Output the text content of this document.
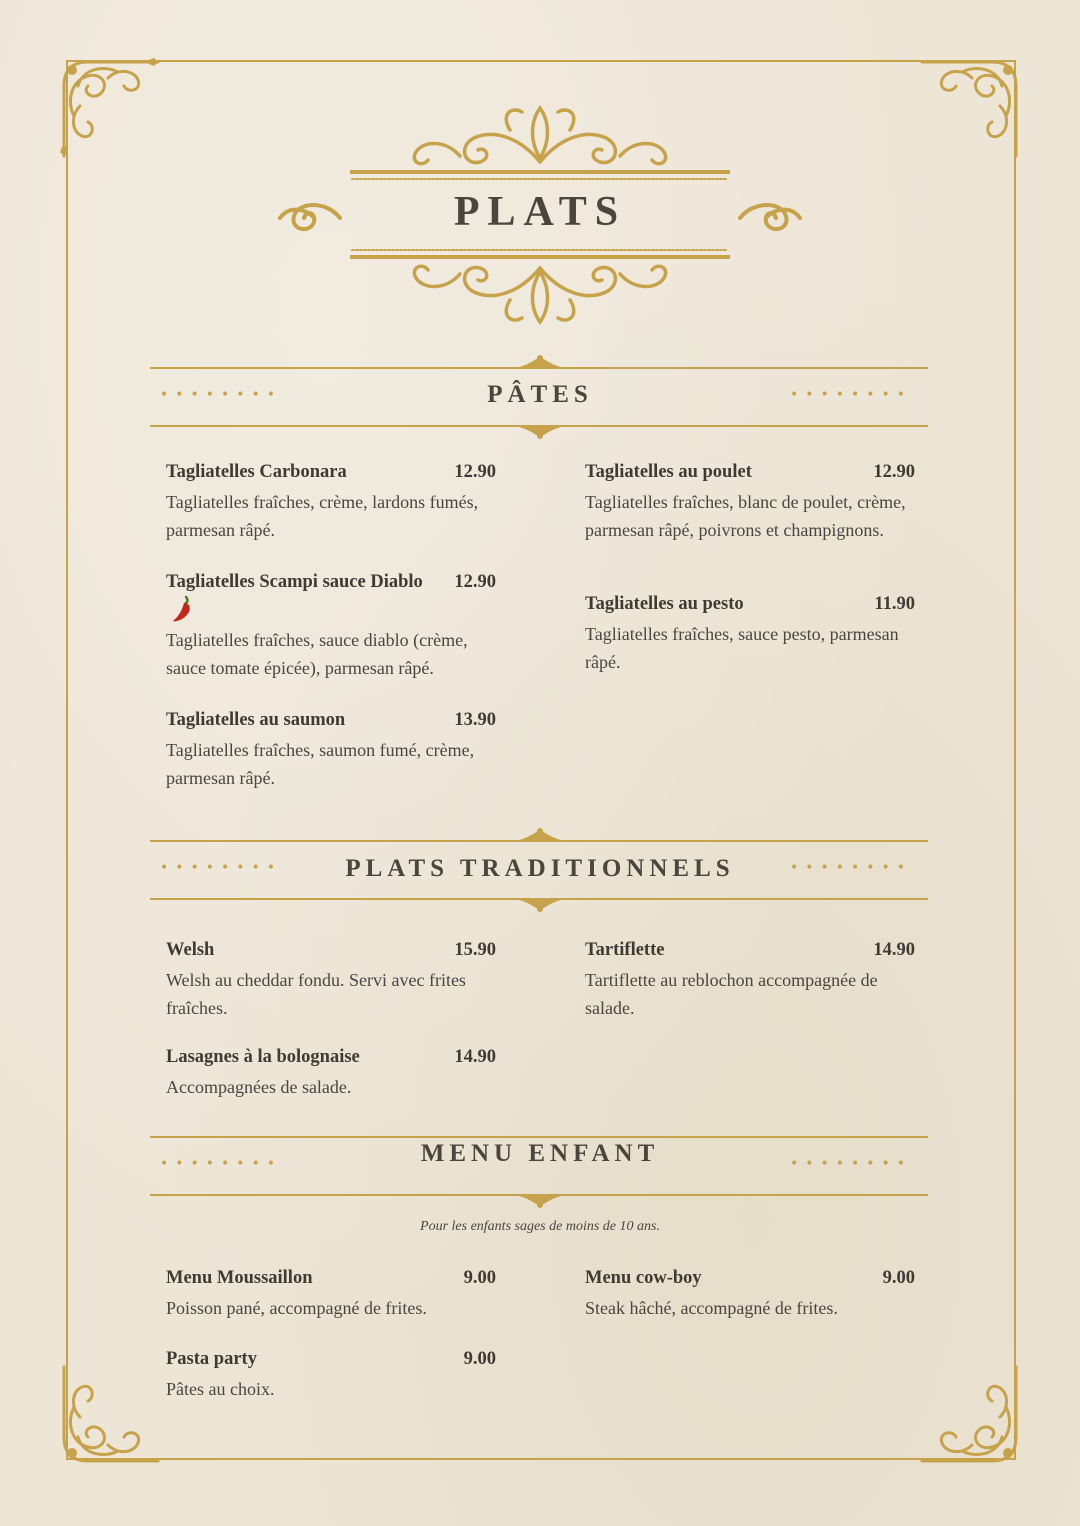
PLATS
••••••••	PÂTES	••••••••
Tagliatelles Carbonara	12.90
Tagliatelles fraîches, crème, lardons fumés, parmesan râpé.
Tagliatelles Scampi sauce Diablo 12.90
Tagliatelles fraîches, sauce diablo (crème, sauce tomate épicée), parmesan râpé.
Tagliatelles au saumon	13.90
Tagliatelles fraîches, saumon fumé, crème, parmesan râpé.
Tagliatelles au poulet	12.90
Tagliatelles fraîches, blanc de poulet, crème, parmesan râpé, poivrons et champignons.
Tagliatelles au pesto	11.90
Tagliatelles fraîches, sauce pesto, parmesan râpé.
••••••••	PLATS TRADITIONNELS	••••••••
Welsh	15.90
Welsh au cheddar fondu. Servi avec frites fraîches.
Lasagnes à la bolognaise	14.90
Accompagnées de salade.
Tartiflette	14.90
Tartiflette au reblochon accompagnée de salade.
••••••••	MENU ENFANT	••••••••
Pour les enfants sages de moins de 10 ans.
Menu Moussaillon	9.00
Poisson pané, accompagné de frites.
Pasta party	9.00
Pâtes au choix.
Menu cow-boy	9.00
Steak hâché, accompagné de frites.
